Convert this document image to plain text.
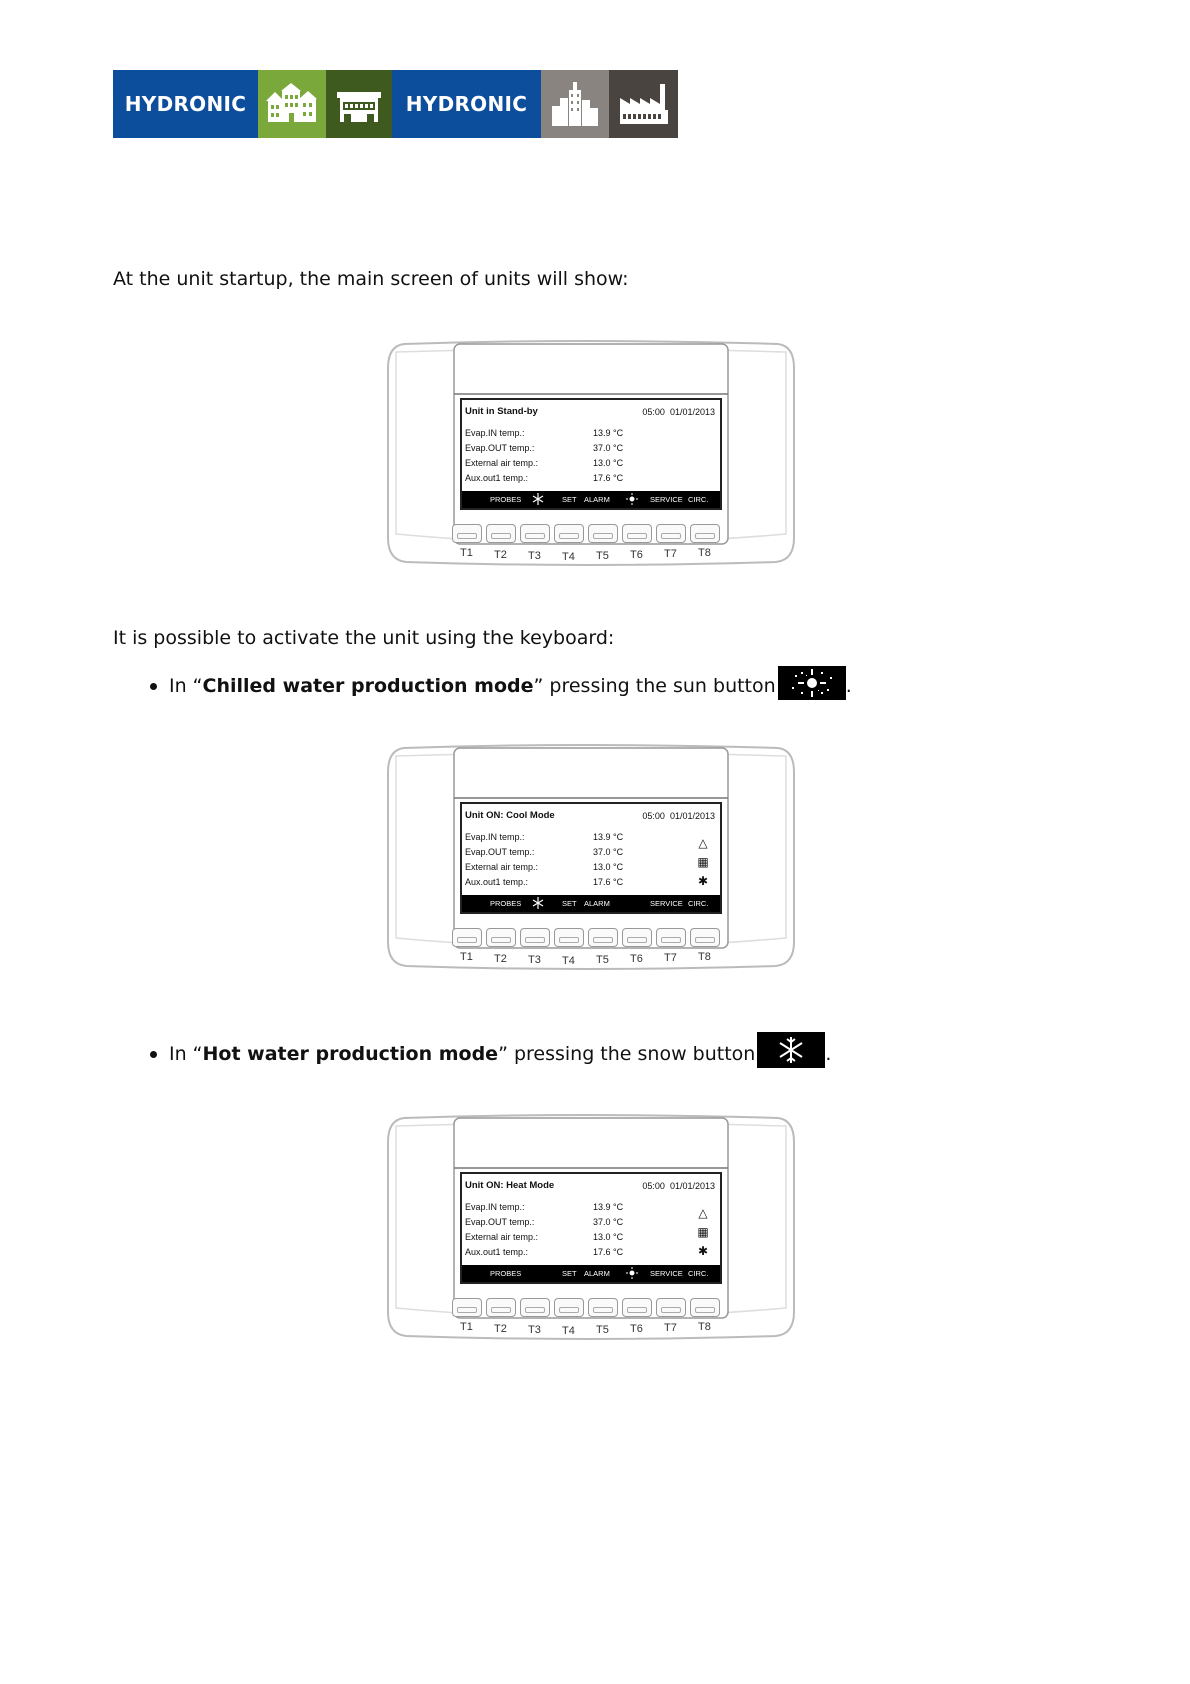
HYDRONIC	HYDRONIC
At the unit startup, the main screen of units will show:
Unit in Stand-by	05:00 01/01/2013
Evap.IN temp.:	13.9 °C
Evap.OUT temp.:	37.0 °C
External air temp.:	13.0 °C
Aux.out1 temp.:	17.6 °C
PROBES	SET ALARM	SERVICE CIRC.
T1 T2 T3 T4 T5 T6 T7 T8
It is possible to activate the unit using the keyboard:
In “ Chilled water production mode ” pressing the sun button	.
Unit ON: Cool Mode	05:00 01/01/2013
Evap.IN temp.:	13.9 °C
Evap.OUT temp.:	37.0 °C
External air temp.:	13.0 °C
Aux.out1 temp.:	17.6 °C
△
▦
✱
PROBES	SET ALARM	SERVICE CIRC.
T1 T2 T3 T4 T5 T6 T7 T8
In “ Hot water production mode ” pressing the snow button	.
Unit ON: Heat Mode	05:00 01/01/2013
Evap.IN temp.:	13.9 °C
Evap.OUT temp.:	37.0 °C
External air temp.:	13.0 °C
Aux.out1 temp.:	17.6 °C
△
▦
✱
PROBES	SET ALARM	SERVICE CIRC.
T1 T2 T3 T4 T5 T6 T7 T8
